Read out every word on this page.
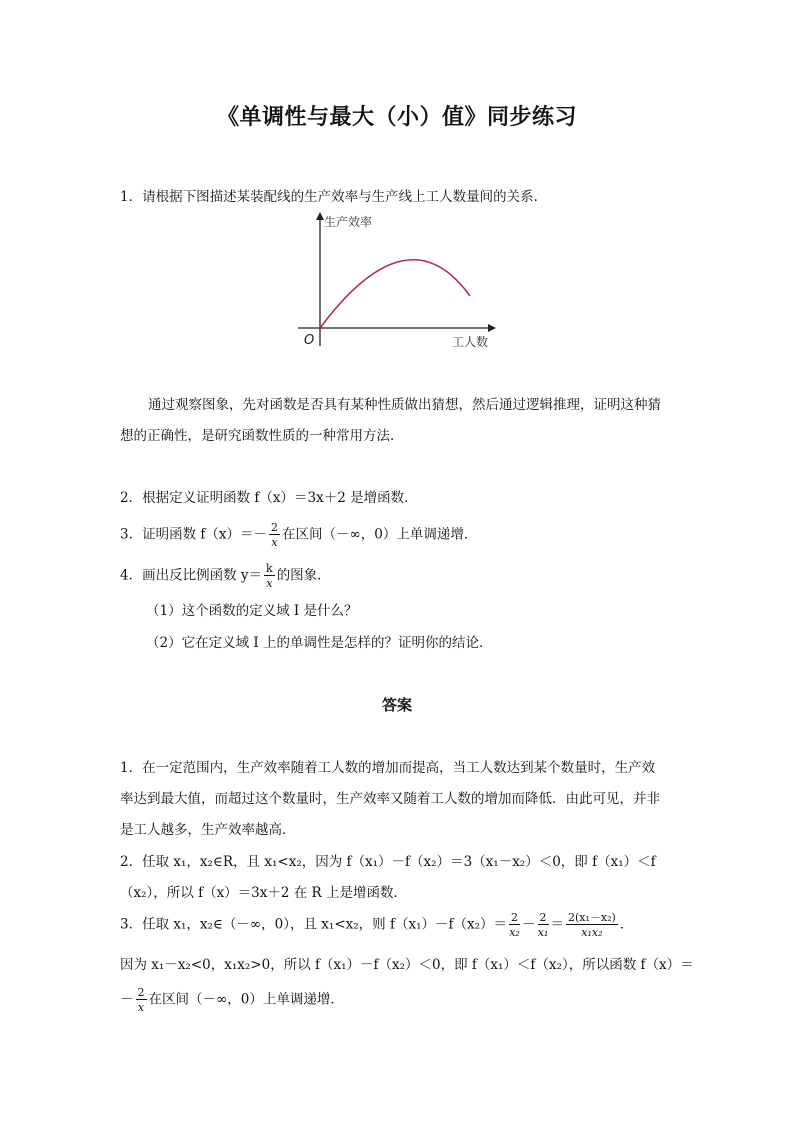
《单调性与最大（小）值》同步练习
1．请根据下图描述某装配线的生产效率与生产线上工人数量间的关系．
生产效率
工人数
O
通过观察图象，先对函数是否具有某种性质做出猜想，然后通过逻辑推理，证明这种猜
想的正确性，是研究函数性质的一种常用方法．
2．根据定义证明函数 f（x）＝3x＋2 是增函数．
3．证明函数 $f(x)=- \frac{2}{x}$ 在区间（－∞，0）上单调递增．
4．画出反比例函数 $y= \frac{k}{x}$ 的图象．
（1）这个函数的定义域 I 是什么？
（2）它在定义域 I 上的单调性是怎样的？证明你的结论．
答案
1．在一定范围内，生产效率随着工人数的增加而提高，当工人数达到某个数量时，生产效
率达到最大值，而超过这个数量时，生产效率又随着工人数的增加而降低．由此可见，并非
是工人越多，生产效率越高．
2．任取 x₁，x₂∈R，且 x₁<x₂，因为 f（x₁）－f（x₂）＝3（x₁－x₂）＜0，即 f（x₁）＜f
（x₂），所以 f（x）＝3x＋2 在 R 上是增函数．
3．任取 x₁，x₂∈（－∞，0），且 x₁<x₂，则 $f(x_1)-f(x_2)= \frac{2}{\text{x₂}} - \frac{2}{\text{x₁}} = \frac{\text{2(x₁－x₂)}}{\text{x₁x₂}}$ ．
因为 x₁－x₂<0，x₁x₂>0，所以 f（x₁）－f（x₂）＜0，即 f（x₁）＜f（x₂），所以函数 f（x）＝
－ $\frac{2}{x}$ 在区间（－∞，0）上单调递增．
